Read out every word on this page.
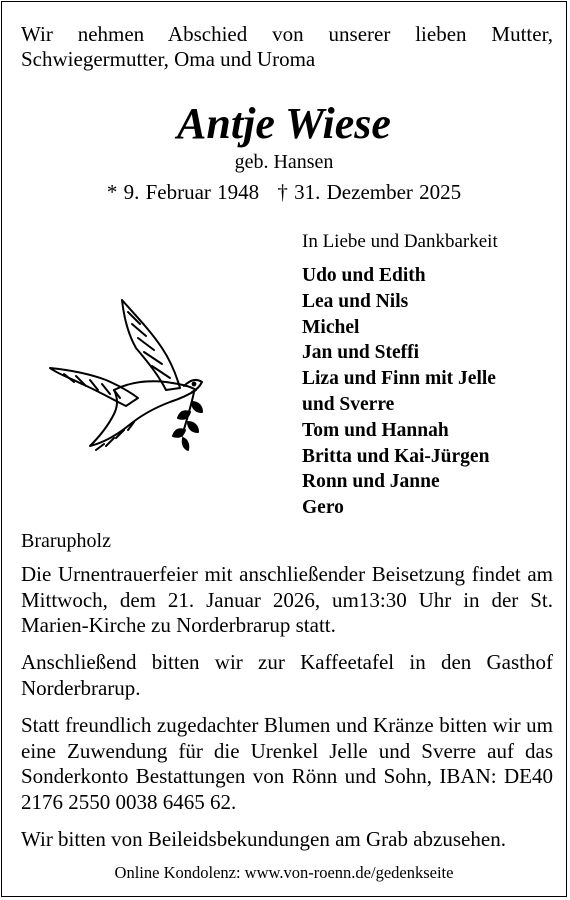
Wir nehmen Abschied von unserer lieben Mutter, Schwiegermutter, Oma und Uroma
Antje Wiese
geb. Hansen
* 9. Februar 1948 † 31. Dezember 2025
In Liebe und Dankbarkeit
Udo und Edith
Lea und Nils
Michel
Jan und Steffi
Liza und Finn mit Jelle
und Sverre
Tom und Hannah
Britta und Kai-Jürgen
Ronn und Janne
Gero
Brarupholz
Die Urnentrauerfeier mit anschließender Beisetzung findet am Mittwoch, dem 21. Januar 2026, um13:30 Uhr in der St. Marien-Kirche zu Norderbrarup statt.
Anschließend bitten wir zur Kaffeetafel in den Gasthof Norderbrarup.
Statt freundlich zugedachter Blumen und Kränze bitten wir um eine Zuwendung für die Urenkel Jelle und Sverre auf das Sonderkonto Bestattungen von Rönn und Sohn, IBAN: DE40 2176 2550 0038 6465 62.
Wir bitten von Beileidsbekundungen am Grab abzusehen.
Online Kondolenz: www.von-roenn.de/gedenkseite
